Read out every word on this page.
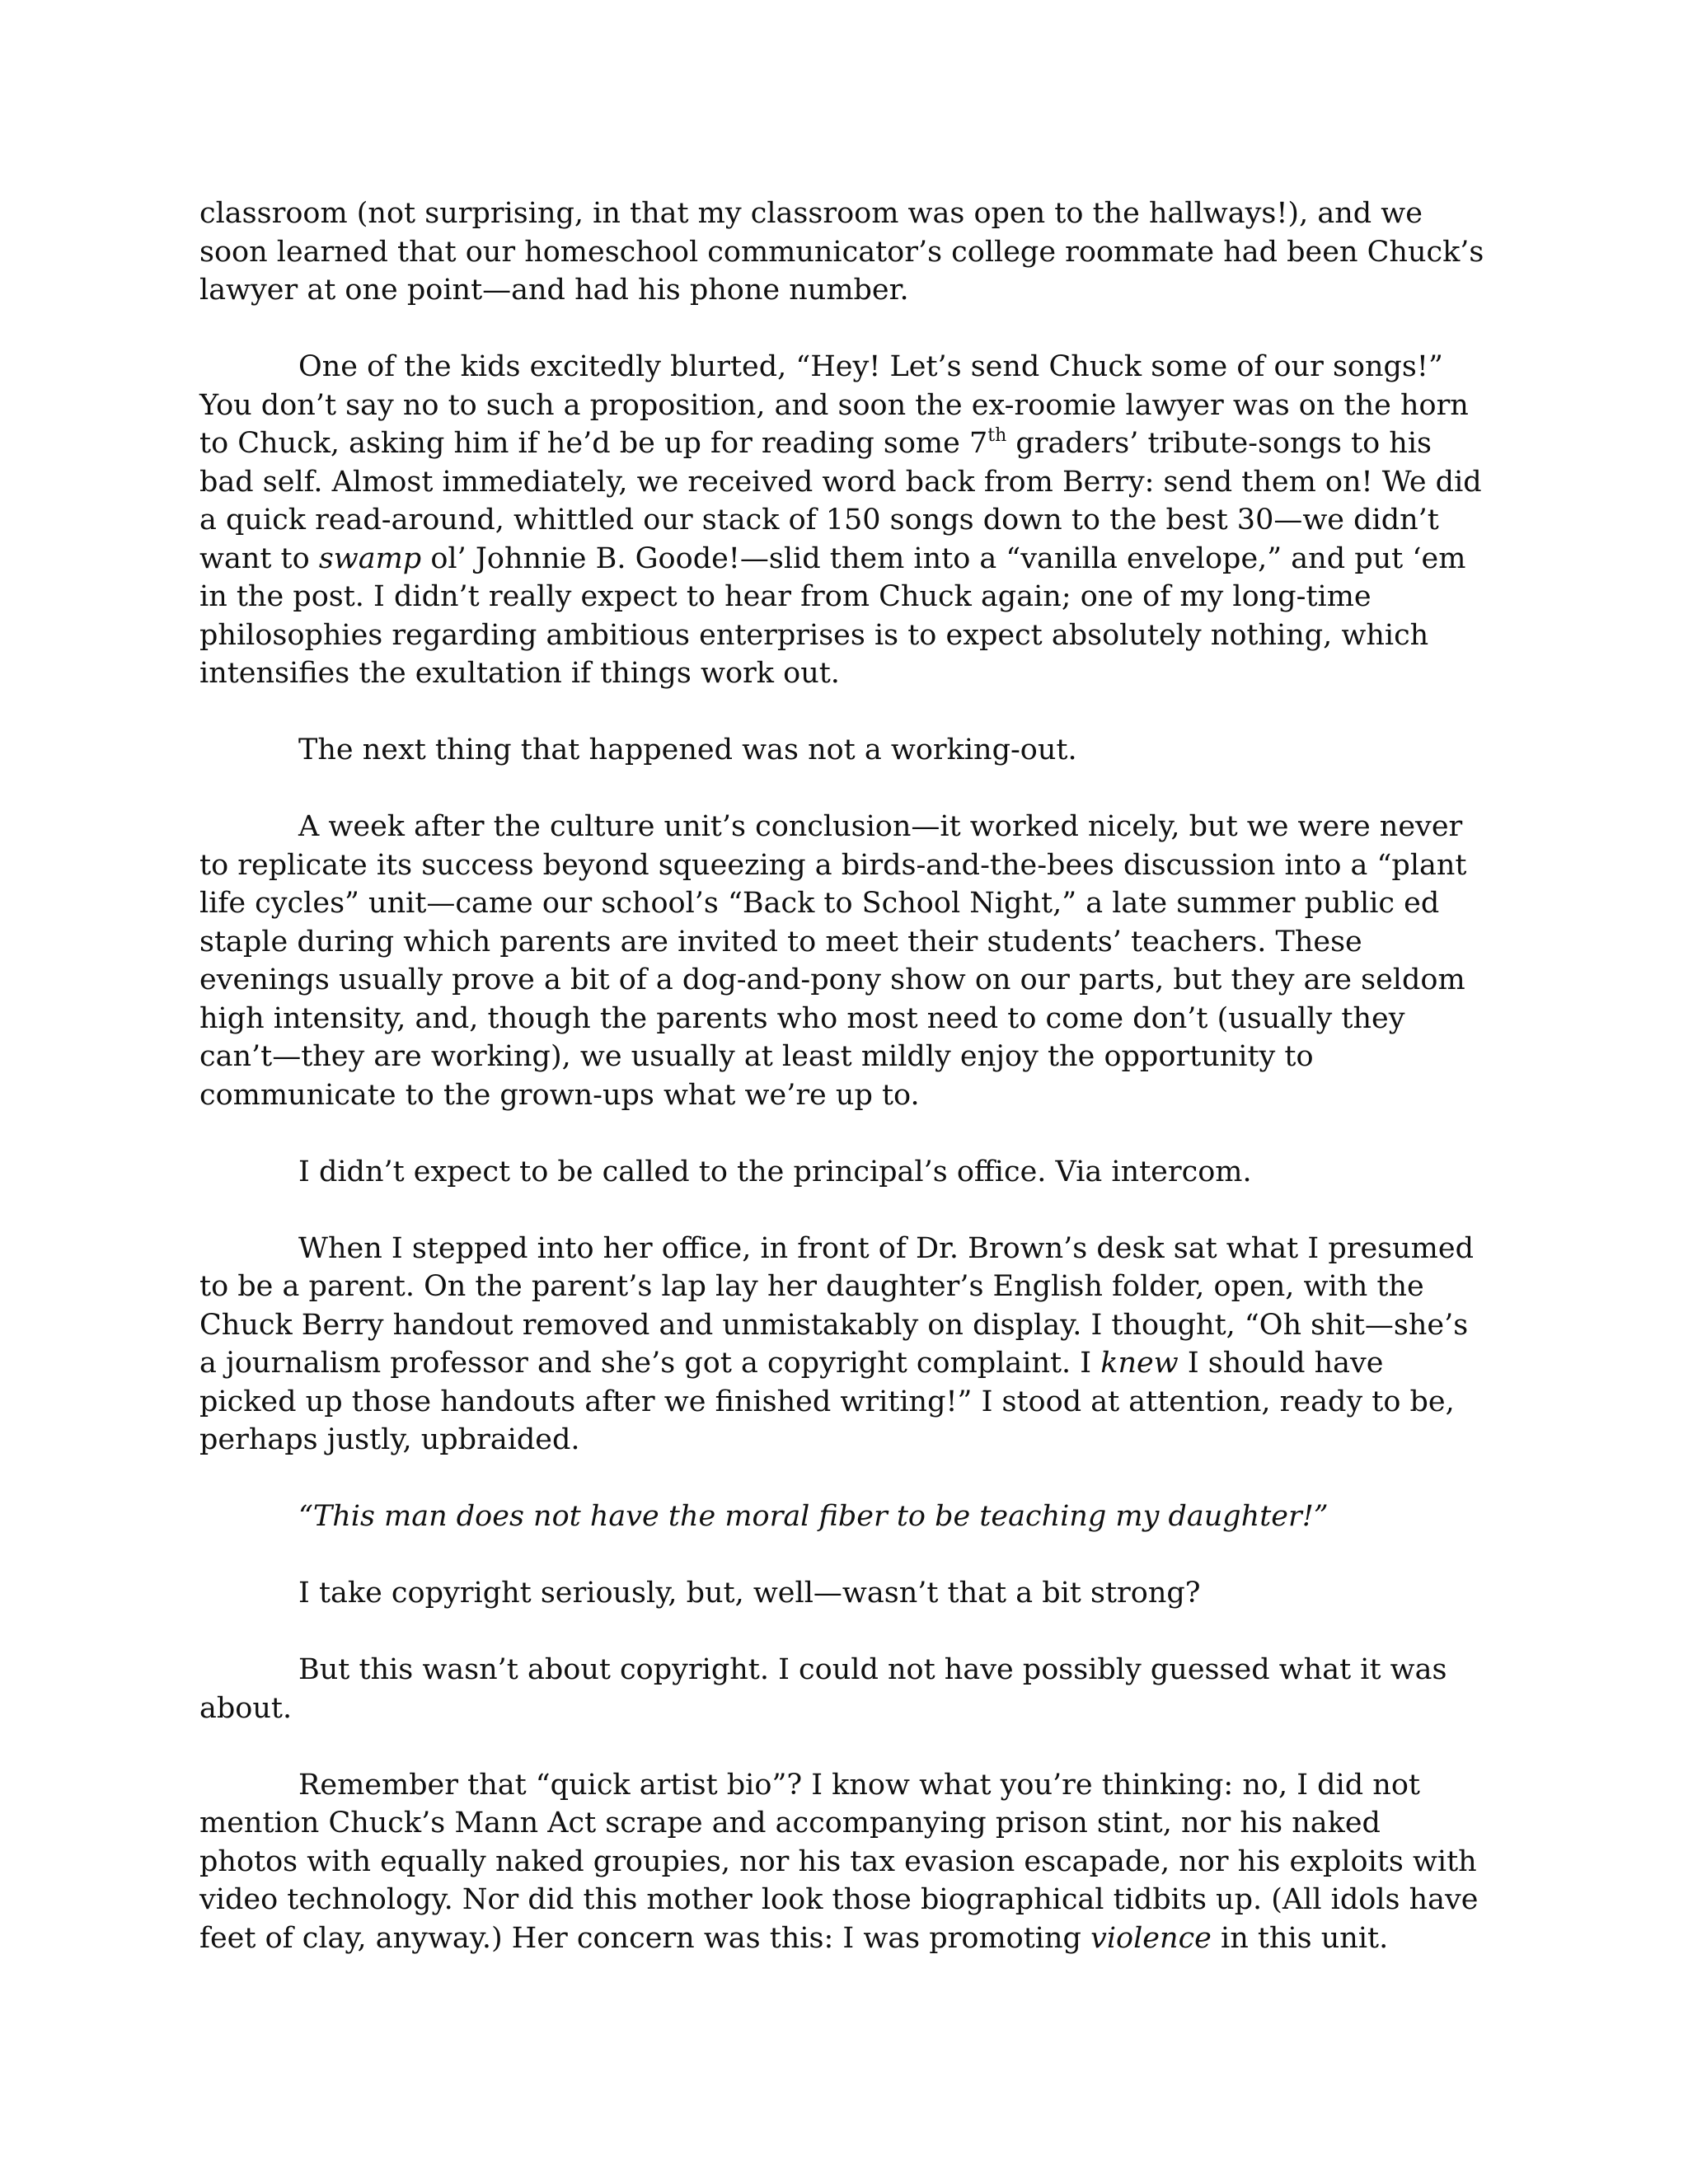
classroom (not surprising, in that my classroom was open to the hallways!), and we soon learned that our homeschool communicator’s college roommate had been Chuck’s lawyer at one point—and had his phone number.

One of the kids excitedly blurted, “Hey! Let’s send Chuck some of our songs!” You don’t say no to such a proposition, and soon the ex-roomie lawyer was on the horn to Chuck, asking him if he’d be up for reading some 7th graders’ tribute-songs to his bad self. Almost immediately, we received word back from Berry: send them on! We did a quick read-around, whittled our stack of 150 songs down to the best 30—we didn’t want to swamp ol’ Johnnie B. Goode!—slid them into a “vanilla envelope,” and put ‘em in the post. I didn’t really expect to hear from Chuck again; one of my long-time philosophies regarding ambitious enterprises is to expect absolutely nothing, which intensifies the exultation if things work out.

The next thing that happened was not a working-out.

A week after the culture unit’s conclusion—it worked nicely, but we were never to replicate its success beyond squeezing a birds-and-the-bees discussion into a “plant life cycles” unit—came our school’s “Back to School Night,” a late summer public ed staple during which parents are invited to meet their students’ teachers. These evenings usually prove a bit of a dog-and-pony show on our parts, but they are seldom high intensity, and, though the parents who most need to come don’t (usually they can’t—they are working), we usually at least mildly enjoy the opportunity to communicate to the grown-ups what we’re up to.

I didn’t expect to be called to the principal’s office. Via intercom.

When I stepped into her office, in front of Dr. Brown’s desk sat what I presumed to be a parent. On the parent’s lap lay her daughter’s English folder, open, with the Chuck Berry handout removed and unmistakably on display. I thought, “Oh shit—she’s a journalism professor and she’s got a copyright complaint. I knew I should have picked up those handouts after we finished writing!” I stood at attention, ready to be, perhaps justly, upbraided.

“This man does not have the moral fiber to be teaching my daughter!”

I take copyright seriously, but, well—wasn’t that a bit strong?

But this wasn’t about copyright. I could not have possibly guessed what it was about.

Remember that “quick artist bio”? I know what you’re thinking: no, I did not mention Chuck’s Mann Act scrape and accompanying prison stint, nor his naked photos with equally naked groupies, nor his tax evasion escapade, nor his exploits with video technology. Nor did this mother look those biographical tidbits up. (All idols have feet of clay, anyway.) Her concern was this: I was promoting violence in this unit.
